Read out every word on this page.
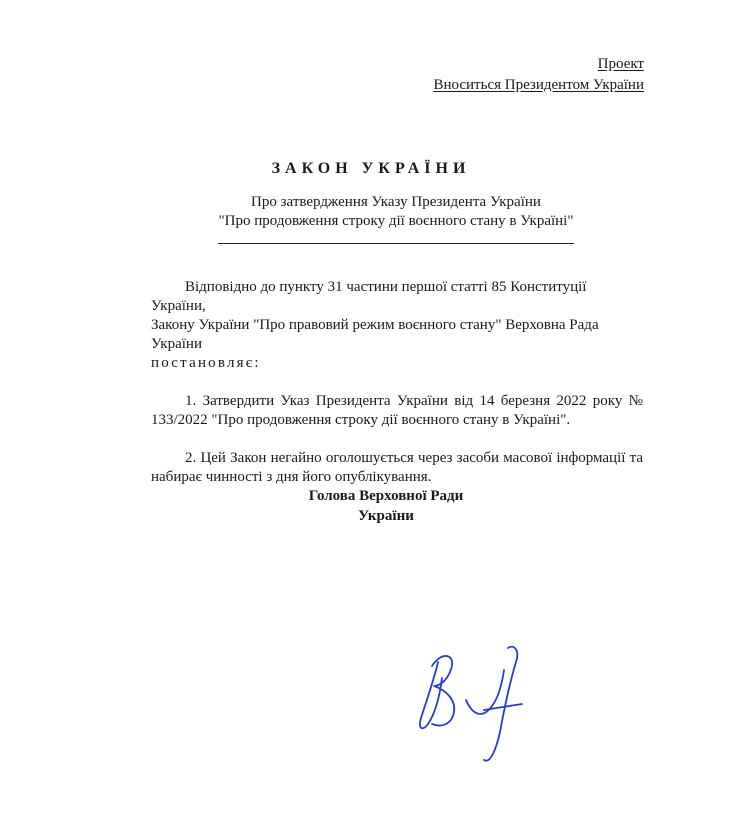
Проект
Вноситься Президентом України
ЗАКОН УКРАЇНИ
Про затвердження Указу Президента України
"Про продовження строку дії воєнного стану в Україні"

Відповідно до пункту 31 частини першої статті 85 Конституції України,

Закону України "Про правовий режим воєнного стану" Верховна Рада України

постановляє:

1. Затвердити Указ Президента України від 14 березня 2022 року № 133/2022 "Про продовження строку дії воєнного стану в Україні".

2. Цей Закон негайно оголошується через засоби масової інформації та набирає чинності з дня його опублікування.

Голова Верховної Ради
України
